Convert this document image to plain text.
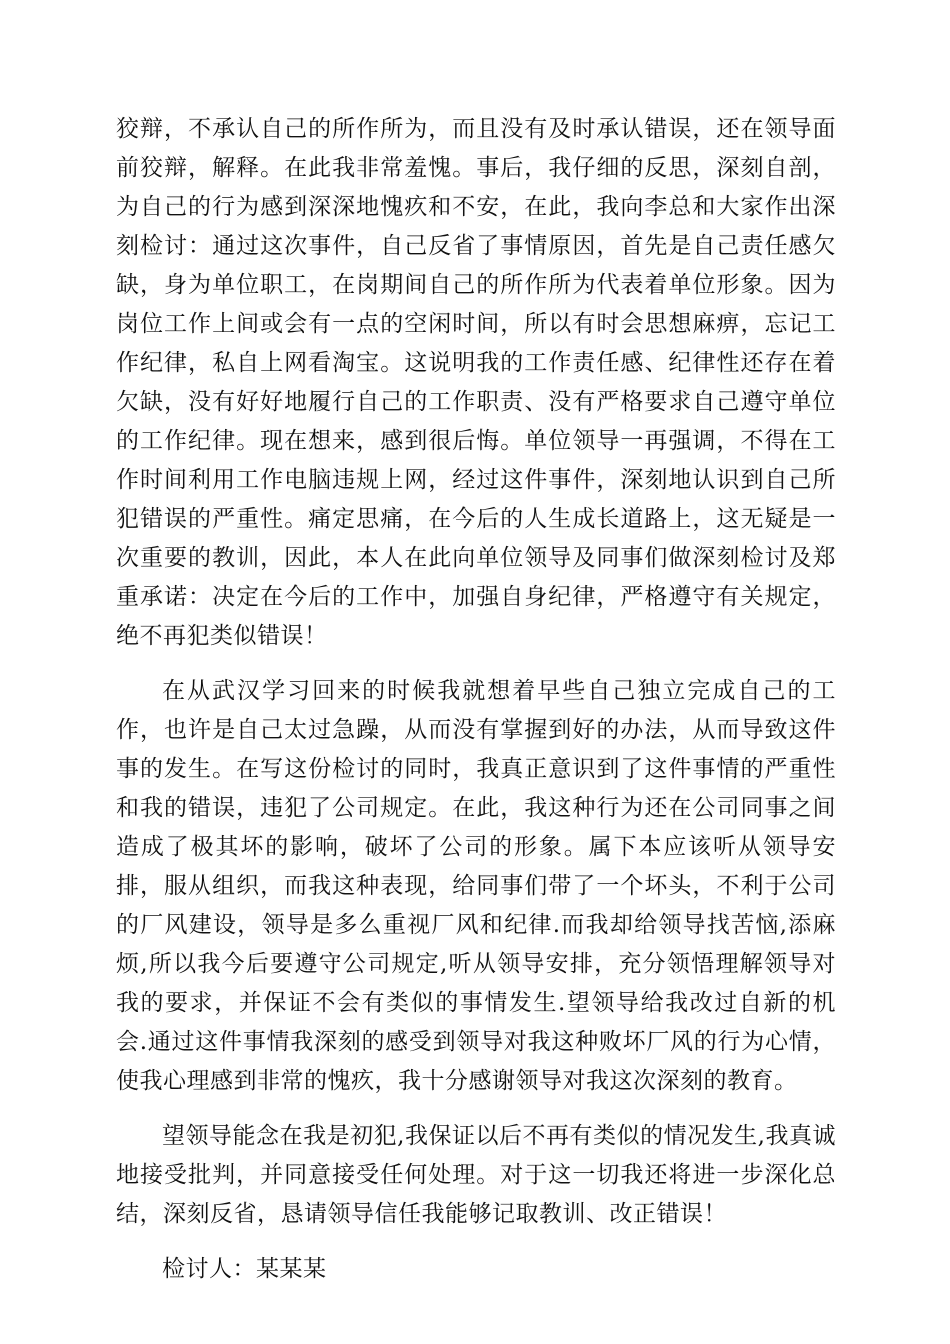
狡辩，不承认自己的所作所为，而且没有及时承认错误，还在领导面前狡辩，解释。在此我非常羞愧。事后，我仔细的反思，深刻自剖，为自己的行为感到深深地愧疚和不安，在此，我向李总和大家作出深刻检讨：通过这次事件，自己反省了事情原因，首先是自己责任感欠缺，身为单位职工，在岗期间自己的所作所为代表着单位形象。因为岗位工作上间或会有一点的空闲时间，所以有时会思想麻痹，忘记工作纪律，私自上网看淘宝。这说明我的工作责任感、纪律性还存在着欠缺，没有好好地履行自己的工作职责、没有严格要求自己遵守单位的工作纪律。现在想来，感到很后悔。单位领导一再强调，不得在工作时间利用工作电脑违规上网，经过这件事件，深刻地认识到自己所犯错误的严重性。痛定思痛，在今后的人生成长道路上，这无疑是一次重要的教训，因此，本人在此向单位领导及同事们做深刻检讨及郑重承诺：决定在今后的工作中，加强自身纪律，严格遵守有关规定，绝不再犯类似错误！

在从武汉学习回来的时候我就想着早些自己独立完成自己的工作，也许是自己太过急躁，从而没有掌握到好的办法，从而导致这件事的发生。在写这份检讨的同时，我真正意识到了这件事情的严重性和我的错误，违犯了公司规定。在此，我这种行为还在公司同事之间造成了极其坏的影响，破坏了公司的形象。属下本应该听从领导安排，服从组织，而我这种表现，给同事们带了一个坏头，不利于公司的厂风建设，领导是多么重视厂风和纪律.而我却给领导找苦恼,添麻烦,所以我今后要遵守公司规定,听从领导安排，充分领悟理解领导对我的要求，并保证不会有类似的事情发生.望领导给我改过自新的机会.通过这件事情我深刻的感受到领导对我这种败坏厂风的行为心情，使我心理感到非常的愧疚，我十分感谢领导对我这次深刻的教育。

望领导能念在我是初犯,我保证以后不再有类似的情况发生,我真诚地接受批判，并同意接受任何处理。对于这一切我还将进一步深化总结，深刻反省，恳请领导信任我能够记取教训、改正错误！

检讨人：某某某
